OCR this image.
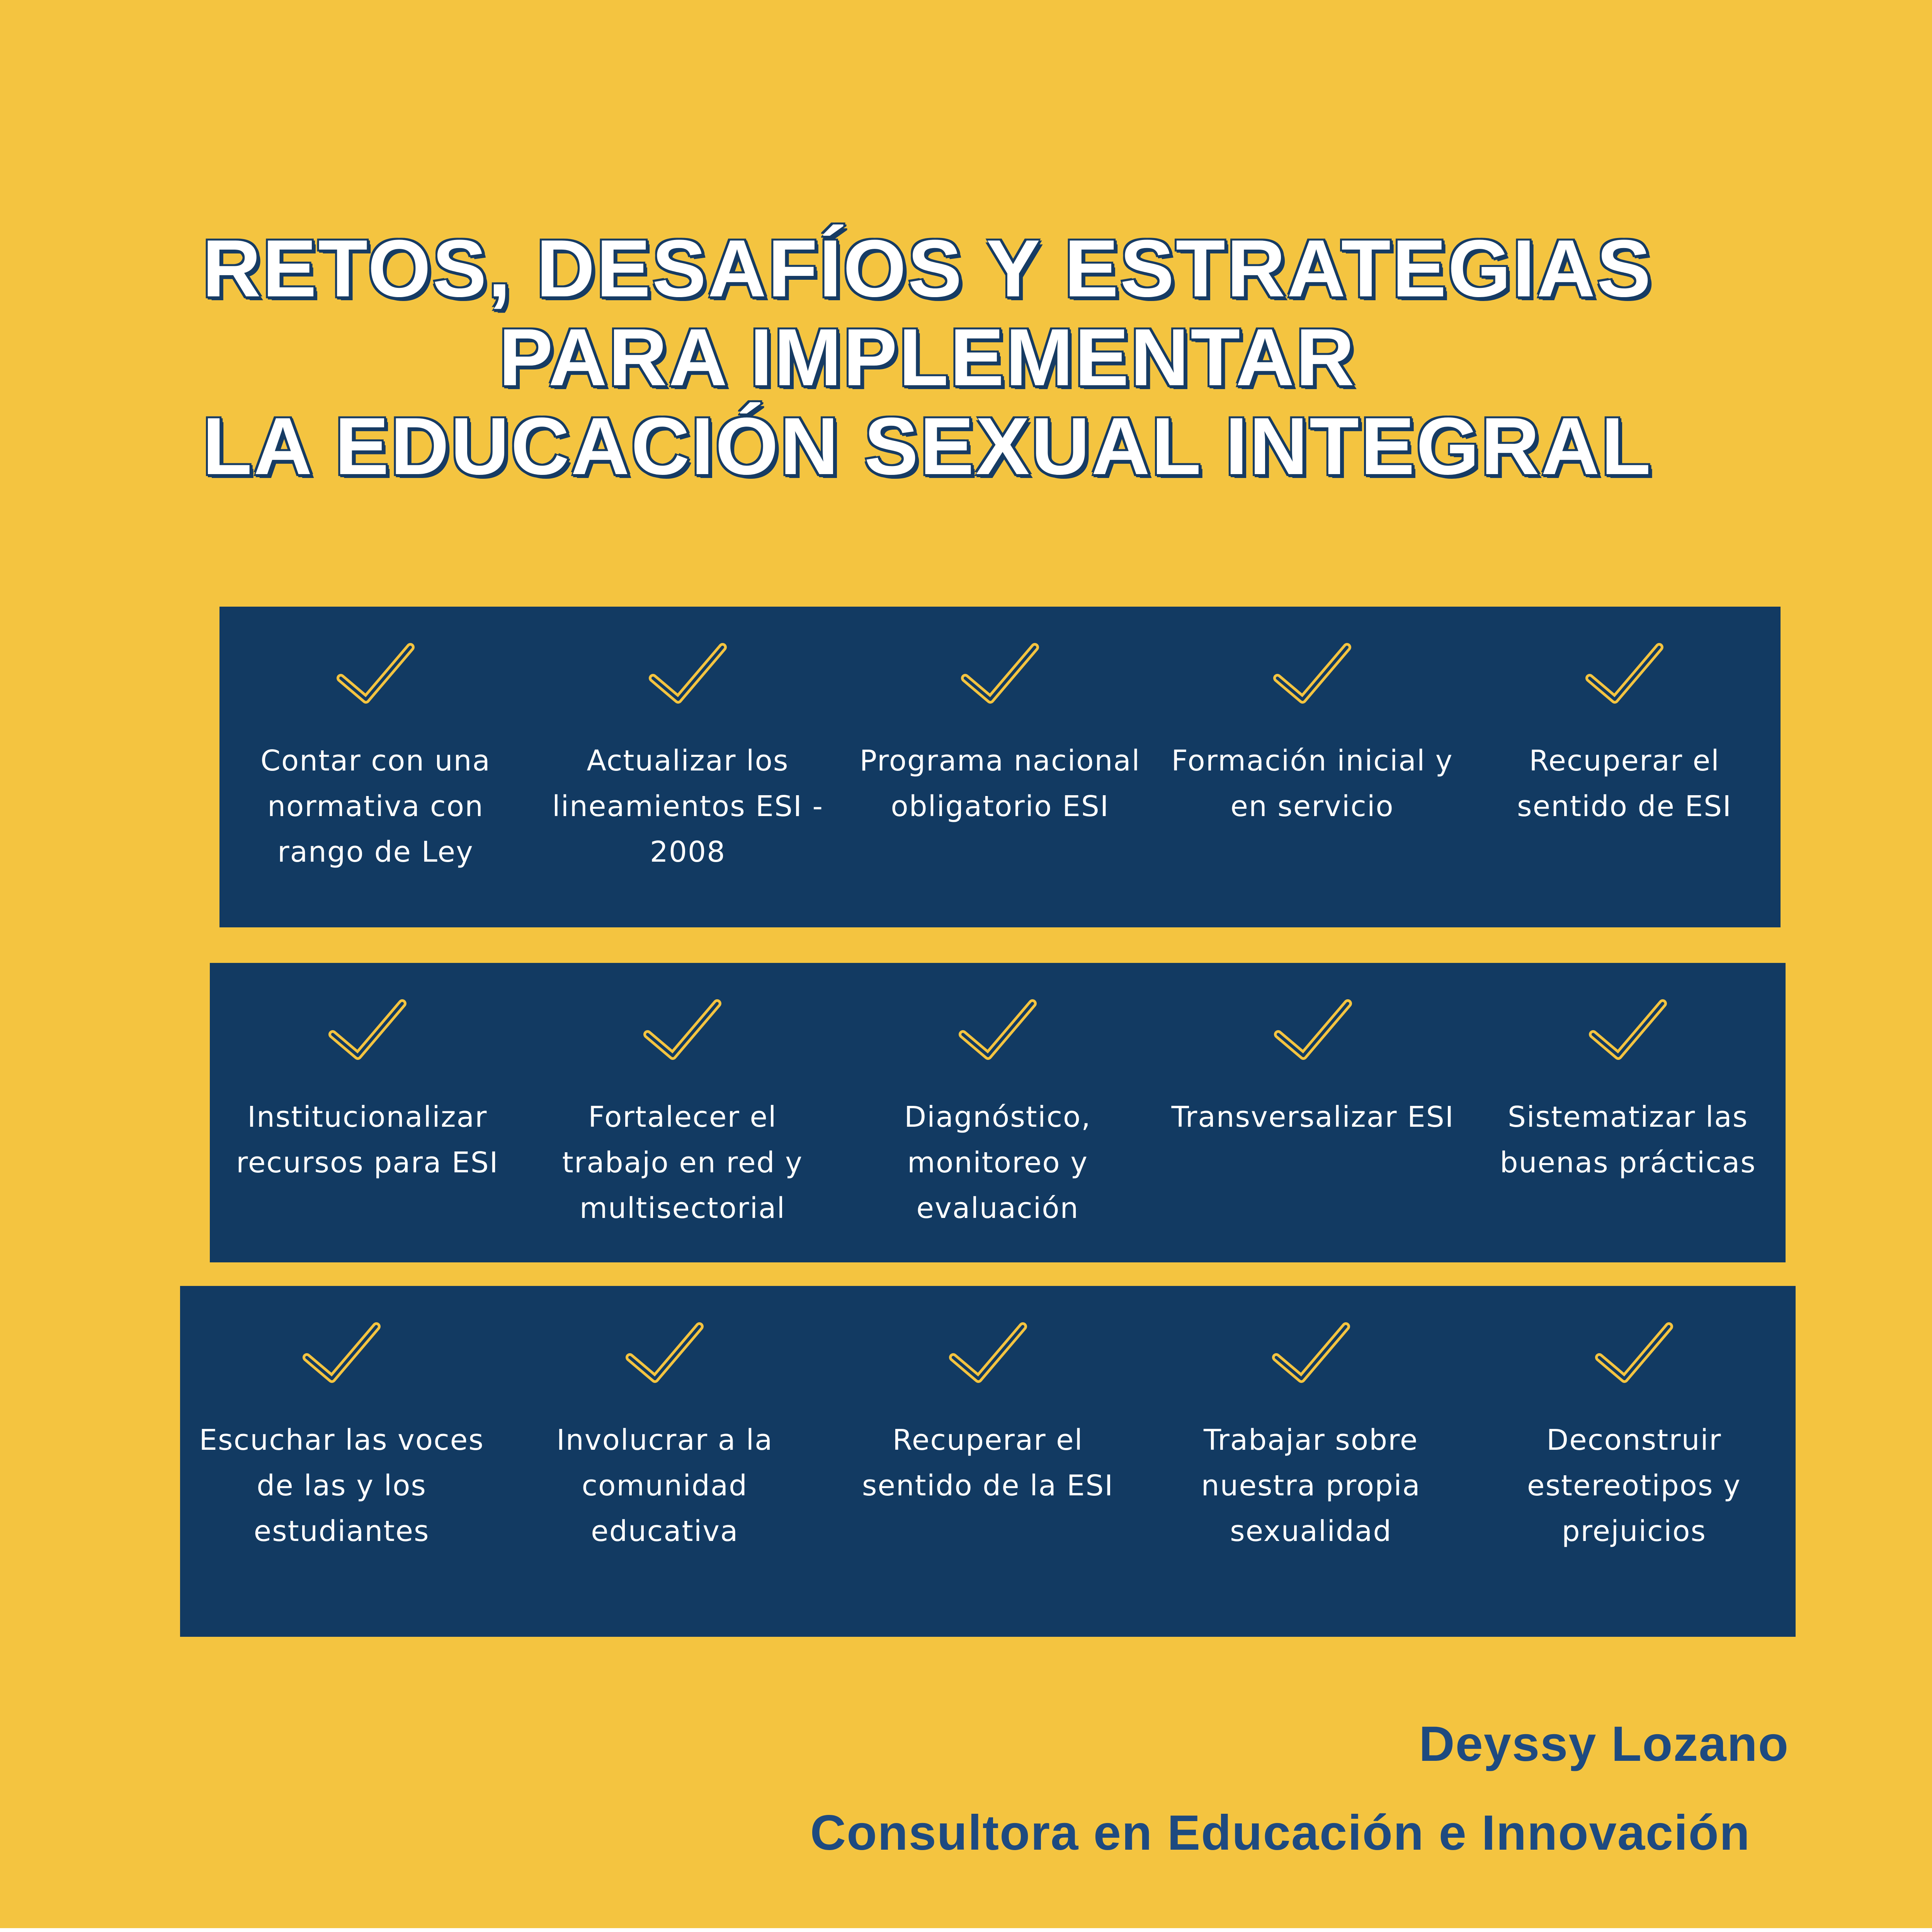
RETOS, DESAFÍOS Y ESTRATEGIAS
PARA IMPLEMENTAR
LA EDUCACIÓN SEXUAL INTEGRAL
Contar con una normativa con rango de Ley
Actualizar los lineamientos ESI - 2008
Programa nacional obligatorio ESI
Formación inicial y en servicio
Recuperar el sentido de ESI
Institucionalizar recursos para ESI
Fortalecer el trabajo en red y multisectorial
Diagnóstico, monitoreo y evaluación
Transversalizar ESI	Sistematizar las buenas prácticas
Escuchar las voces de las y los estudiantes
Involucrar a la comunidad educativa
Recuperar el sentido de la ESI
Trabajar sobre nuestra propia sexualidad
Deconstruir estereotipos y prejuicios
Deyssy Lozano
Consultora en Educación e Innovación
